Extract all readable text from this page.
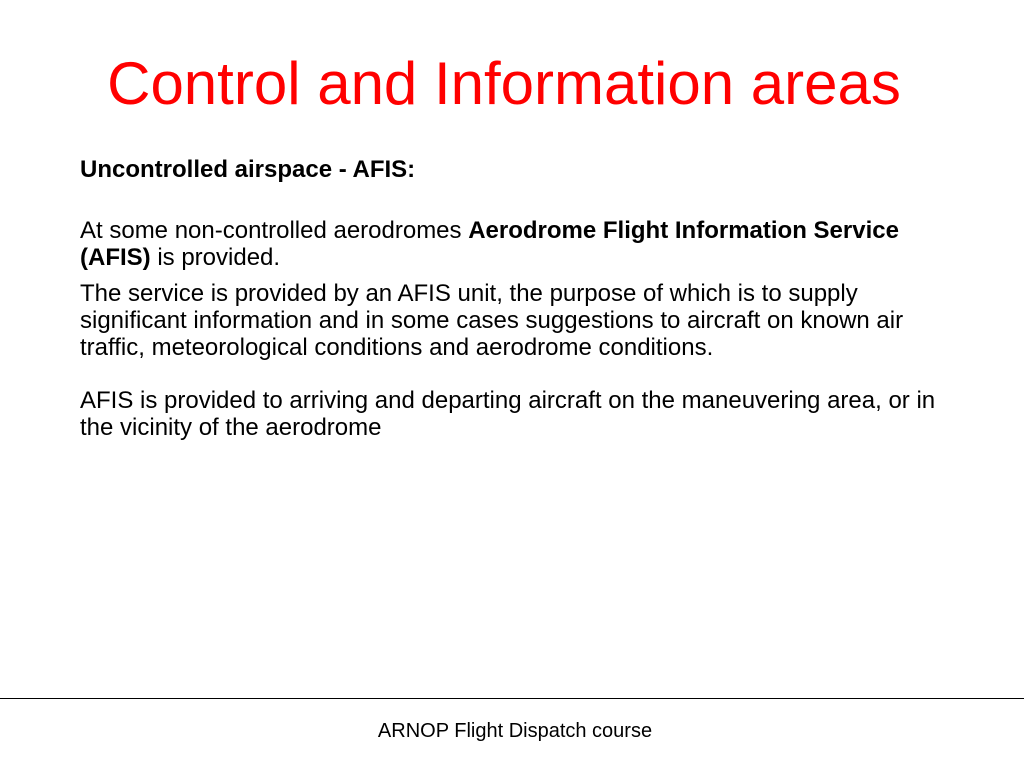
Control and Information areas

Uncontrolled airspace - AFIS:

At some non-controlled aerodromes Aerodrome Flight Information Service (AFIS) is provided.

The service is provided by an AFIS unit, the purpose of which is to supply significant information and in some cases suggestions to aircraft on known air traffic, meteorological conditions and aerodrome conditions.

AFIS is provided to arriving and departing aircraft on the maneuvering area, or in the vicinity of the aerodrome

ARNOP Flight Dispatch course
